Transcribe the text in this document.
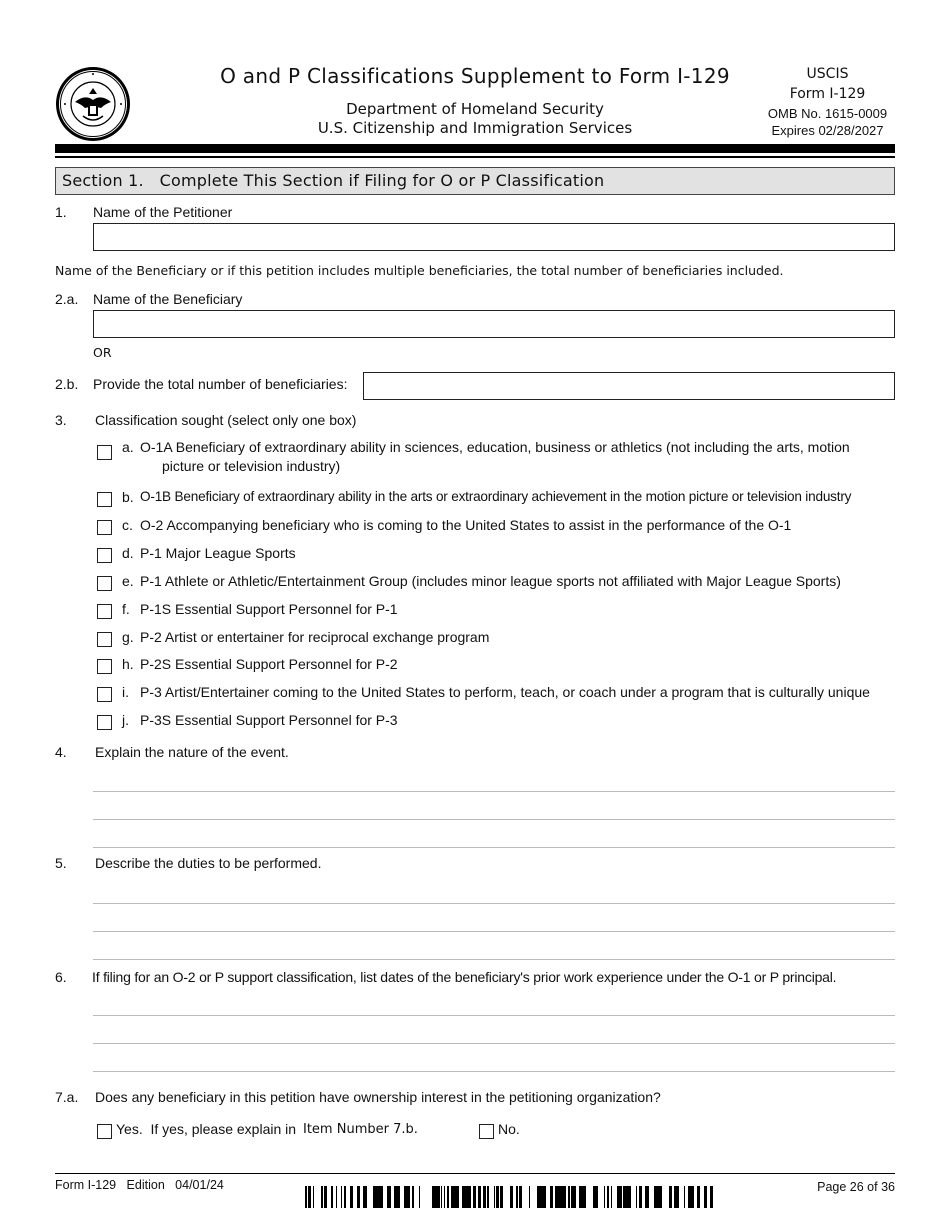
O and P Classifications Supplement to Form I-129
Department of Homeland Security
U.S. Citizenship and Immigration Services
USCIS
Form I-129
OMB No. 1615-0009
Expires 02/28/2027
Section 1.   Complete This Section if Filing for O or P Classification
1. Name of the Petitioner
Name of the Beneficiary or if this petition includes multiple beneficiaries, the total number of beneficiaries included.
2.a. Name of the Beneficiary
OR
2.b. Provide the total number of beneficiaries:
3. Classification sought (select only one box)
a. O-1A Beneficiary of extraordinary ability in sciences, education, business or athletics (not including the arts, motion
picture or television industry)
b. O-1B Beneficiary of extraordinary ability in the arts or extraordinary achievement in the motion picture or television industry
c. O-2 Accompanying beneficiary who is coming to the United States to assist in the performance of the O-1
d. P-1 Major League Sports
e. P-1 Athlete or Athletic/Entertainment Group (includes minor league sports not affiliated with Major League Sports)
f. P-1S Essential Support Personnel for P-1
g. P-2 Artist or entertainer for reciprocal exchange program
h. P-2S Essential Support Personnel for P-2
i. P-3 Artist/Entertainer coming to the United States to perform, teach, or coach under a program that is culturally unique
j. P-3S Essential Support Personnel for P-3
4. Explain the nature of the event.
5. Describe the duties to be performed.
6. If filing for an O-2 or P support classification, list dates of the beneficiary's prior work experience under the O-1 or P principal.
7.a. Does any beneficiary in this petition have ownership interest in the petitioning organization?
Yes.  If yes, please explain in Item Number 7.b.	No.
Form I-129   Edition   04/01/24	Page 26 of 36
